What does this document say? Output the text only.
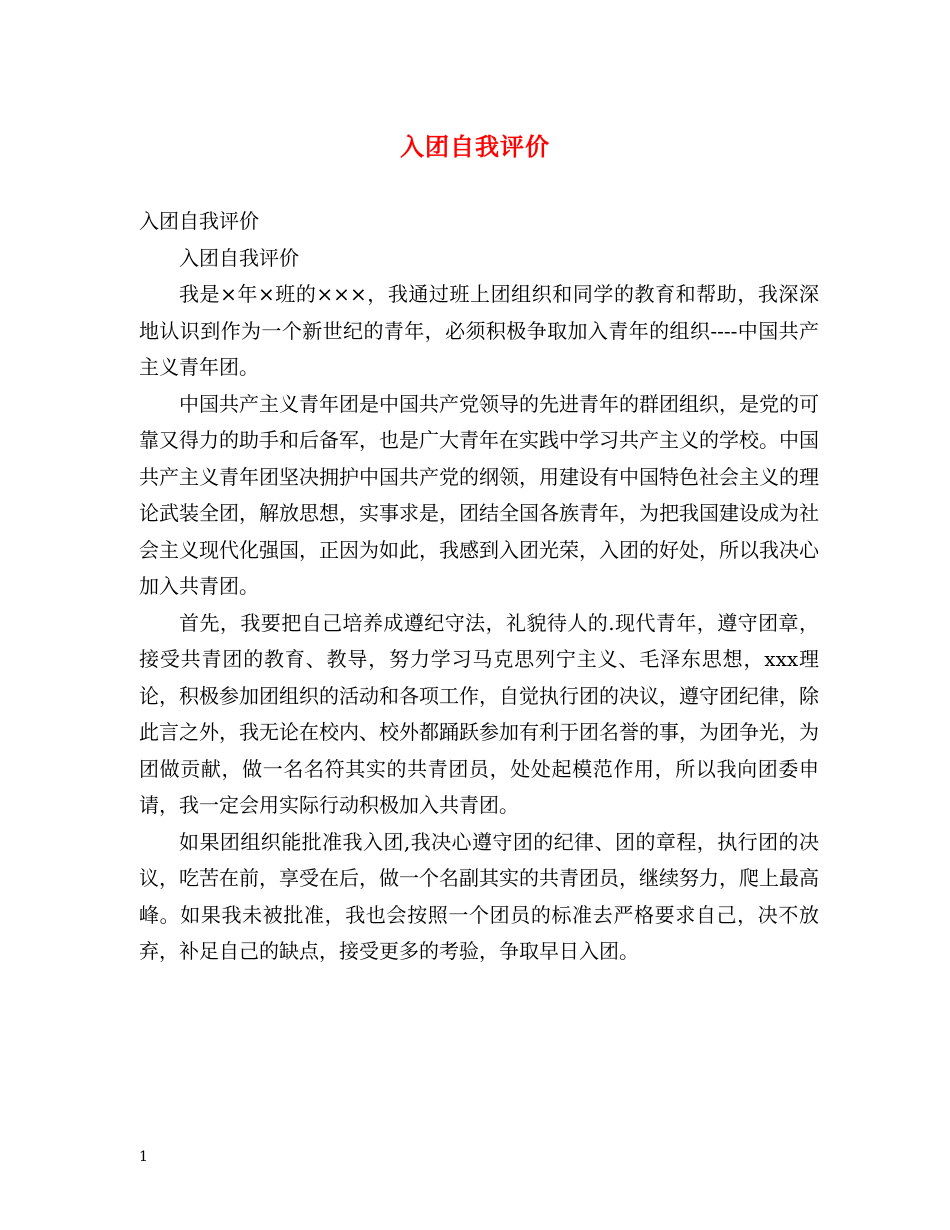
入团自我评价

入团自我评价

入团自我评价

我是×年×班的×××，我通过班上团组织和同学的教育和帮助，我深深地认识到作为一个新世纪的青年，必须积极争取加入青年的组织----中国共产主义青年团。

中国共产主义青年团是中国共产党领导的先进青年的群团组织，是党的可靠又得力的助手和后备军，也是广大青年在实践中学习共产主义的学校。中国共产主义青年团坚决拥护中国共产党的纲领，用建设有中国特色社会主义的理论武装全团，解放思想，实事求是，团结全国各族青年，为把我国建设成为社会主义现代化强国，正因为如此，我感到入团光荣，入团的好处，所以我决心加入共青团。

首先，我要把自己培养成遵纪守法，礼貌待人的.现代青年，遵守团章，接受共青团的教育、教导，努力学习马克思列宁主义、毛泽东思想，xxx理论，积极参加团组织的活动和各项工作，自觉执行团的决议，遵守团纪律，除此言之外，我无论在校内、校外都踊跃参加有利于团名誉的事，为团争光，为团做贡献，做一名名符其实的共青团员，处处起模范作用，所以我向团委申请，我一定会用实际行动积极加入共青团。

如果团组织能批准我入团,我决心遵守团的纪律、团的章程，执行团的决议，吃苦在前，享受在后，做一个名副其实的共青团员，继续努力，爬上最高峰。如果我未被批准，我也会按照一个团员的标准去严格要求自己，决不放弃，补足自己的缺点，接受更多的考验，争取早日入团。

1
